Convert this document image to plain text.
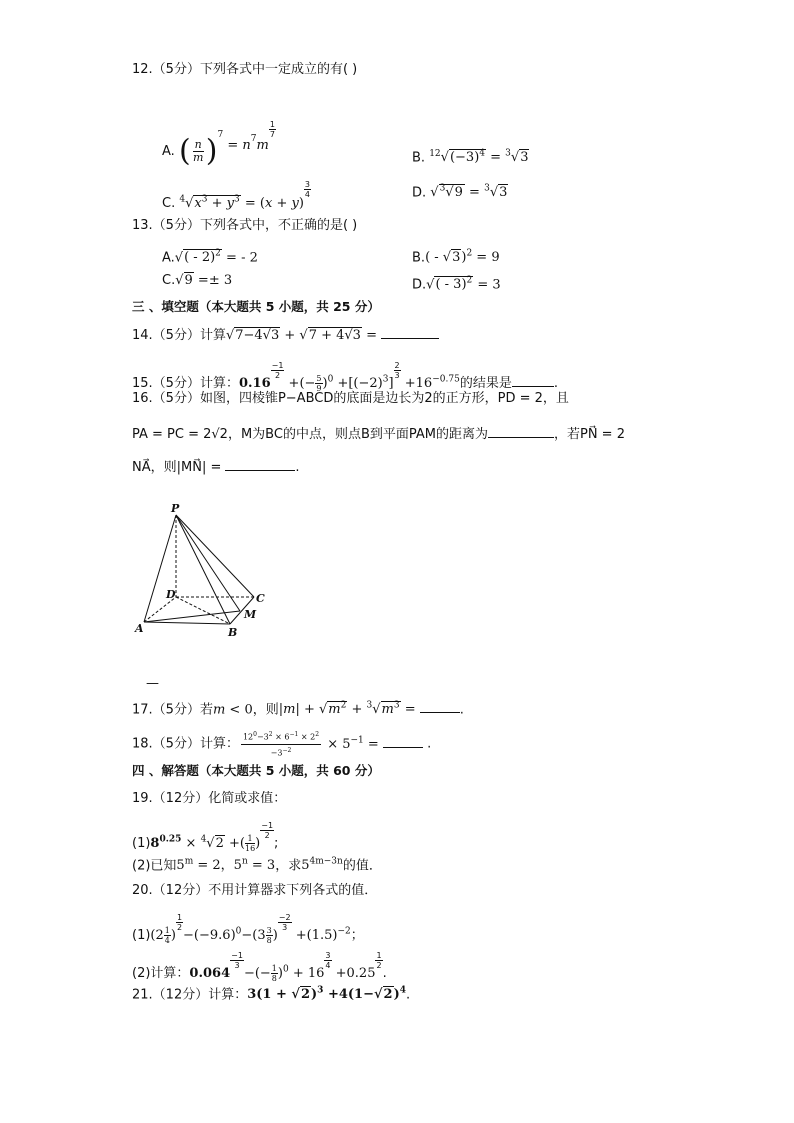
12.（5分）下列各式中一定成立的有( )
A. ( $\frac{n}{m} )^7 = n^7m$
$\frac{1}{7}$
B. $^{12}√(-3)^4 = ^3√3$
C. $^4√x^3 + y^3 = (x + y)$
$\frac{3}{4}$	D. √$^3$√9 = $^3$√3
13.（5分）下列各式中，不正确的是( )
A.√( - 2)$^2$ = - 2	B.( - √3)$^2$ = 9
C.√9 =± 3	D.√( - 3)$^2$ = 3
三 、填空题（本大题共 5 小题，共 25 分）
14.（5分）计算√7−4√3 + √7 + 4√3 =
15.（5分）计算：0.16
$\frac{-1}{2}$
+(− $\frac{5}{9} )^0 +[(-2)^3]$
$\frac{2}{3}$
$+16^{-0.75}$的结果是	.
16.（5分）如图，四棱锥P−ABCD的底面是边长为2的正方形，PD = 2，且
PA = PC = 2√2，M为BC的中点，则点B到平面PAM的距离为	，若PN⃗ = 2
NA⃗，则|MN⃗| =	.
P
D	C
M
A	B
—
17.（5分）若m < 0，则$|m| + √m^2 + ^3√m^3$ =	.
18.（5分）计算： $\frac{12^0-3^2 \times 6^{-1} \times 2^2}{-3^{-2}} \times 5^{-1}$ =	.
四 、解答题（本大题共 5 小题，共 60 分）
19.（12分）化简或求值：
$(1)8^{0.25} \times ^4√2$ +( $\frac{1}{16}$ )
$\frac{-1}{2}$
;
(2)已知$5^m = 2$，$5^n = 3$，求$5^{4m-3n}$的值．
20.（12分）不用计算器求下列各式的值．
$(1)(2 \frac{1}{4}$ )
$\frac{1}{2}$
$-(-9.6)^0-(3 \frac{3}{8}$ )
$\frac{-2}{3}$
$+(1.5)^{-2}$；
(2)计算：0.064
$\frac{-1}{3}$
−(− $\frac{1}{8} )^0 + 16$
$\frac{3}{4}$
+0.25
$\frac{1}{2}$
.
21.（12分）计算：$3(1 + √2)^3 +4(1-√2)^4$.
